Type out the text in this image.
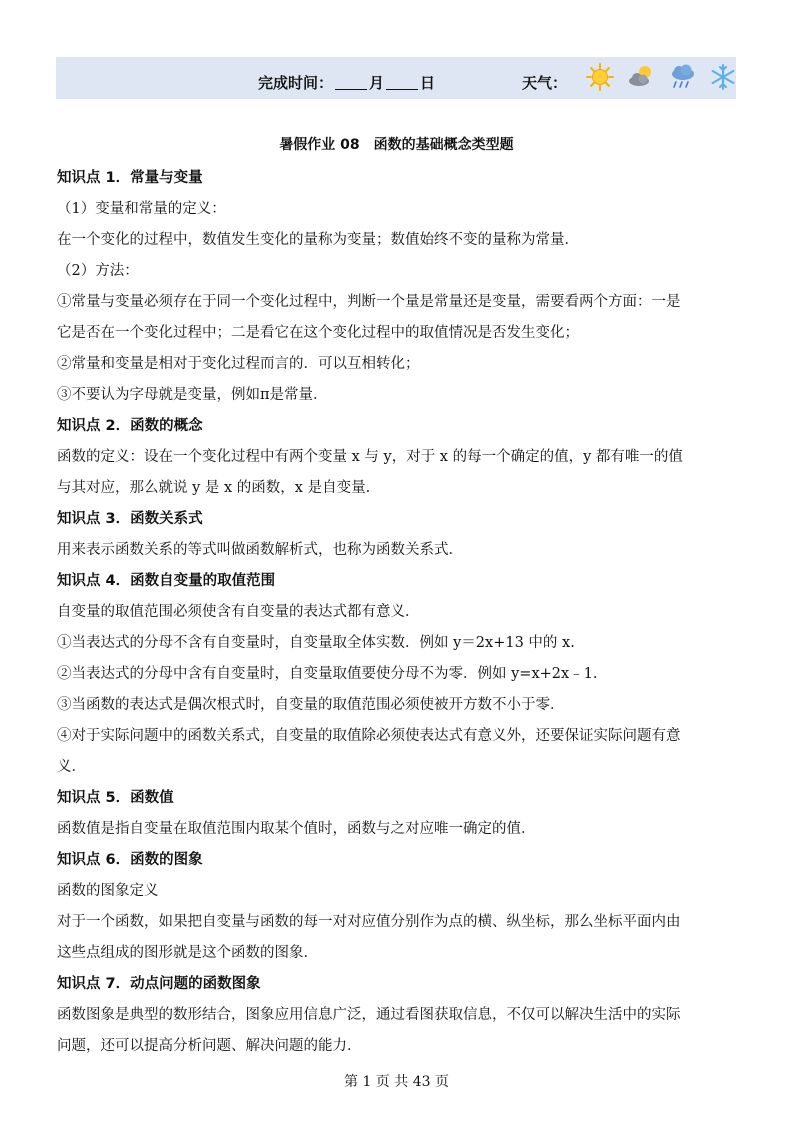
完成时间： 月 日	天气：
暑假作业 08　函数的基础概念类型题
知识点 1．常量与变量
（1）变量和常量的定义：
在一个变化的过程中，数值发生变化的量称为变量；数值始终不变的量称为常量．
（2）方法：
①常量与变量必须存在于同一个变化过程中，判断一个量是常量还是变量，需要看两个方面：一是
它是否在一个变化过程中；二是看它在这个变化过程中的取值情况是否发生变化；
②常量和变量是相对于变化过程而言的．可以互相转化；
③不要认为字母就是变量，例如π是常量．
知识点 2．函数的概念
函数的定义：设在一个变化过程中有两个变量 x 与 y，对于 x 的每一个确定的值，y 都有唯一的值
与其对应，那么就说 y 是 x 的函数，x 是自变量.
知识点 3．函数关系式
用来表示函数关系的等式叫做函数解析式，也称为函数关系式．
知识点 4．函数自变量的取值范围
自变量的取值范围必须使含有自变量的表达式都有意义．
①当表达式的分母不含有自变量时，自变量取全体实数．例如 y＝2x+13 中的 x.
②当表达式的分母中含有自变量时，自变量取值要使分母不为零．例如 y=x+2x﹣1.
③当函数的表达式是偶次根式时，自变量的取值范围必须使被开方数不小于零．
④对于实际问题中的函数关系式，自变量的取值除必须使表达式有意义外，还要保证实际问题有意
义．
知识点 5．函数值
函数值是指自变量在取值范围内取某个值时，函数与之对应唯一确定的值．
知识点 6．函数的图象
函数的图象定义
对于一个函数，如果把自变量与函数的每一对对应值分别作为点的横、纵坐标，那么坐标平面内由
这些点组成的图形就是这个函数的图象．
知识点 7．动点问题的函数图象
函数图象是典型的数形结合，图象应用信息广泛，通过看图获取信息，不仅可以解决生活中的实际
问题，还可以提高分析问题、解决问题的能力．
第 1 页 共 43 页
